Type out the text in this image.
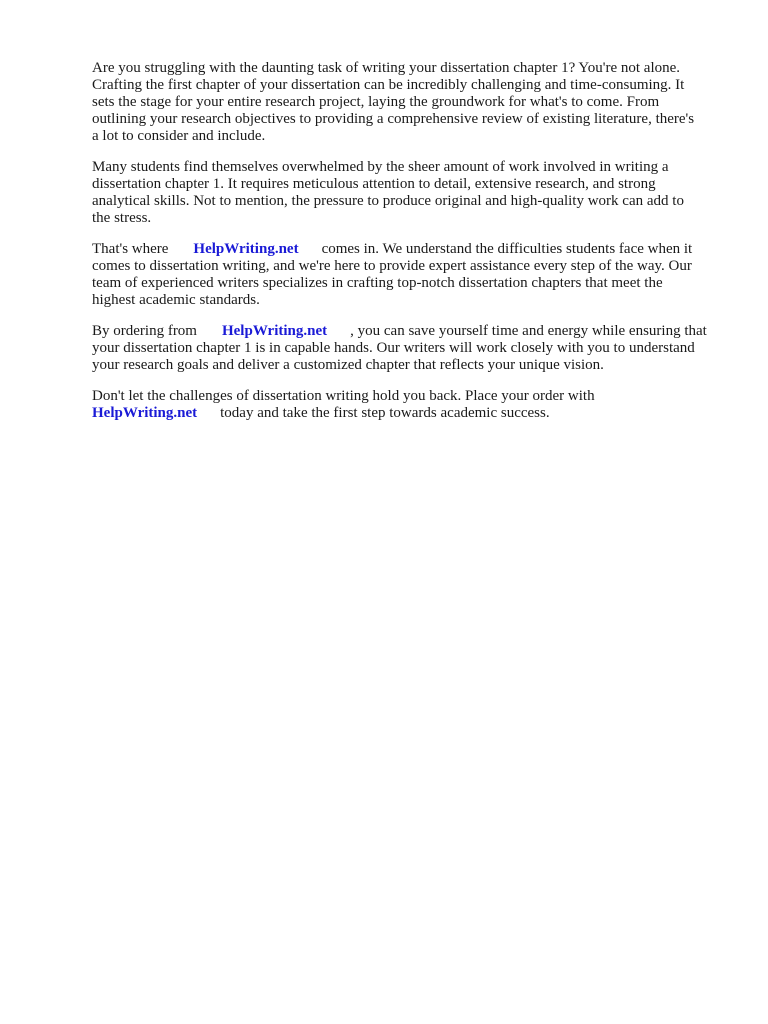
Are you struggling with the daunting task of writing your dissertation chapter 1? You're not alone.
Crafting the first chapter of your dissertation can be incredibly challenging and time-consuming. It
sets the stage for your entire research project, laying the groundwork for what's to come. From
outlining your research objectives to providing a comprehensive review of existing literature, there's
a lot to consider and include.

Many students find themselves overwhelmed by the sheer amount of work involved in writing a
dissertation chapter 1. It requires meticulous attention to detail, extensive research, and strong
analytical skills. Not to mention, the pressure to produce original and high-quality work can add to
the stress.

That's where HelpWriting.net comes in. We understand the difficulties students face when it
comes to dissertation writing, and we're here to provide expert assistance every step of the way. Our
team of experienced writers specializes in crafting top-notch dissertation chapters that meet the
highest academic standards.

By ordering from HelpWriting.net , you can save yourself time and energy while ensuring that
your dissertation chapter 1 is in capable hands. Our writers will work closely with you to understand
your research goals and deliver a customized chapter that reflects your unique vision.

Don't let the challenges of dissertation writing hold you back. Place your order with
HelpWriting.net today and take the first step towards academic success.
